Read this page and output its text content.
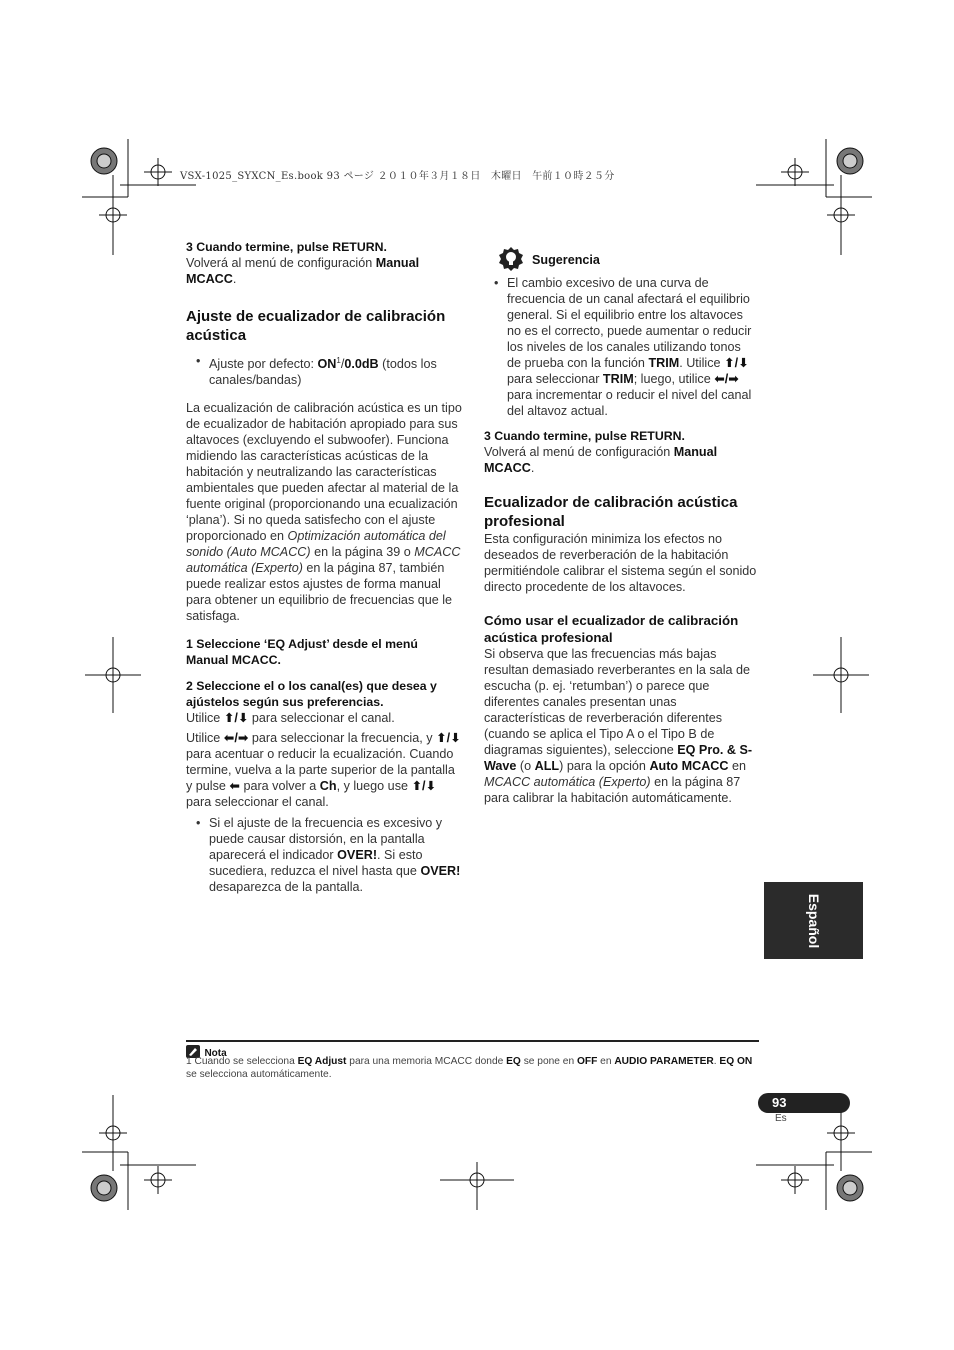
VSX-1025_SYXCN_Es.book 93 ページ ２０１０年３月１８日　木曜日　午前１０時２５分

3 Cuando termine, pulse RETURN.

Volverá al menú de configuración Manual MCACC.

Ajuste de ecualizador de calibración acústica

• Ajuste por defecto: $ON^1/0.0dB$ (todos los canales/bandas)

La ecualización de calibración acústica es un tipo de ecualizador de habitación apropiado para sus altavoces (excluyendo el subwoofer). Funciona midiendo las características acústicas de la habitación y neutralizando las características ambientales que pueden afectar al material de la fuente original (proporcionando una ecualización ‘plana’). Si no queda satisfecho con el ajuste proporcionado en Optimización automática del sonido (Auto MCACC) en la página 39 o MCACC automática (Experto) en la página 87, también puede realizar estos ajustes de forma manual para obtener un equilibrio de frecuencias que le satisfaga.

1 Seleccione ‘EQ Adjust’ desde el menú Manual MCACC.

2 Seleccione el o los canal(es) que desea y ajústelos según sus preferencias.

Utilice ⬆/⬇ para seleccionar el canal.

Utilice ⬅/➡ para seleccionar la frecuencia, y ⬆/⬇ para acentuar o reducir la ecualización. Cuando termine, vuelva a la parte superior de la pantalla y pulse ⬅ para volver a Ch, y luego use ⬆/⬇ para seleccionar el canal.

• Si el ajuste de la frecuencia es excesivo y puede causar distorsión, en la pantalla aparecerá el indicador OVER!. Si esto sucediera, reduzca el nivel hasta que OVER! desaparezca de la pantalla.

Sugerencia

• El cambio excesivo de una curva de frecuencia de un canal afectará el equilibrio general. Si el equilibrio entre los altavoces no es el correcto, puede aumentar o reducir los niveles de los canales utilizando tonos de prueba con la función TRIM. Utilice ⬆/⬇ para seleccionar TRIM; luego, utilice ⬅/➡ para incrementar o reducir el nivel del canal del altavoz actual.

3 Cuando termine, pulse RETURN.

Volverá al menú de configuración Manual MCACC.

Ecualizador de calibración acústica profesional

Esta configuración minimiza los efectos no deseados de reverberación de la habitación permitiéndole calibrar el sistema según el sonido directo procedente de los altavoces.

Cómo usar el ecualizador de calibración acústica profesional

Si observa que las frecuencias más bajas resultan demasiado reverberantes en la sala de escucha (p. ej. ‘retumban’) o parece que diferentes canales presentan unas características de reverberación diferentes (cuando se aplica el Tipo A o el Tipo B de diagramas siguientes), seleccione EQ Pro. & S-Wave (o ALL) para la opción Auto MCACC en MCACC automática (Experto) en la página 87 para calibrar la habitación automáticamente.

Español
Nota
1 Cuando se selecciona EQ Adjust para una memoria MCACC donde EQ se pone en OFF en AUDIO PARAMETER. EQ ON se selecciona automáticamente.
93
Es
